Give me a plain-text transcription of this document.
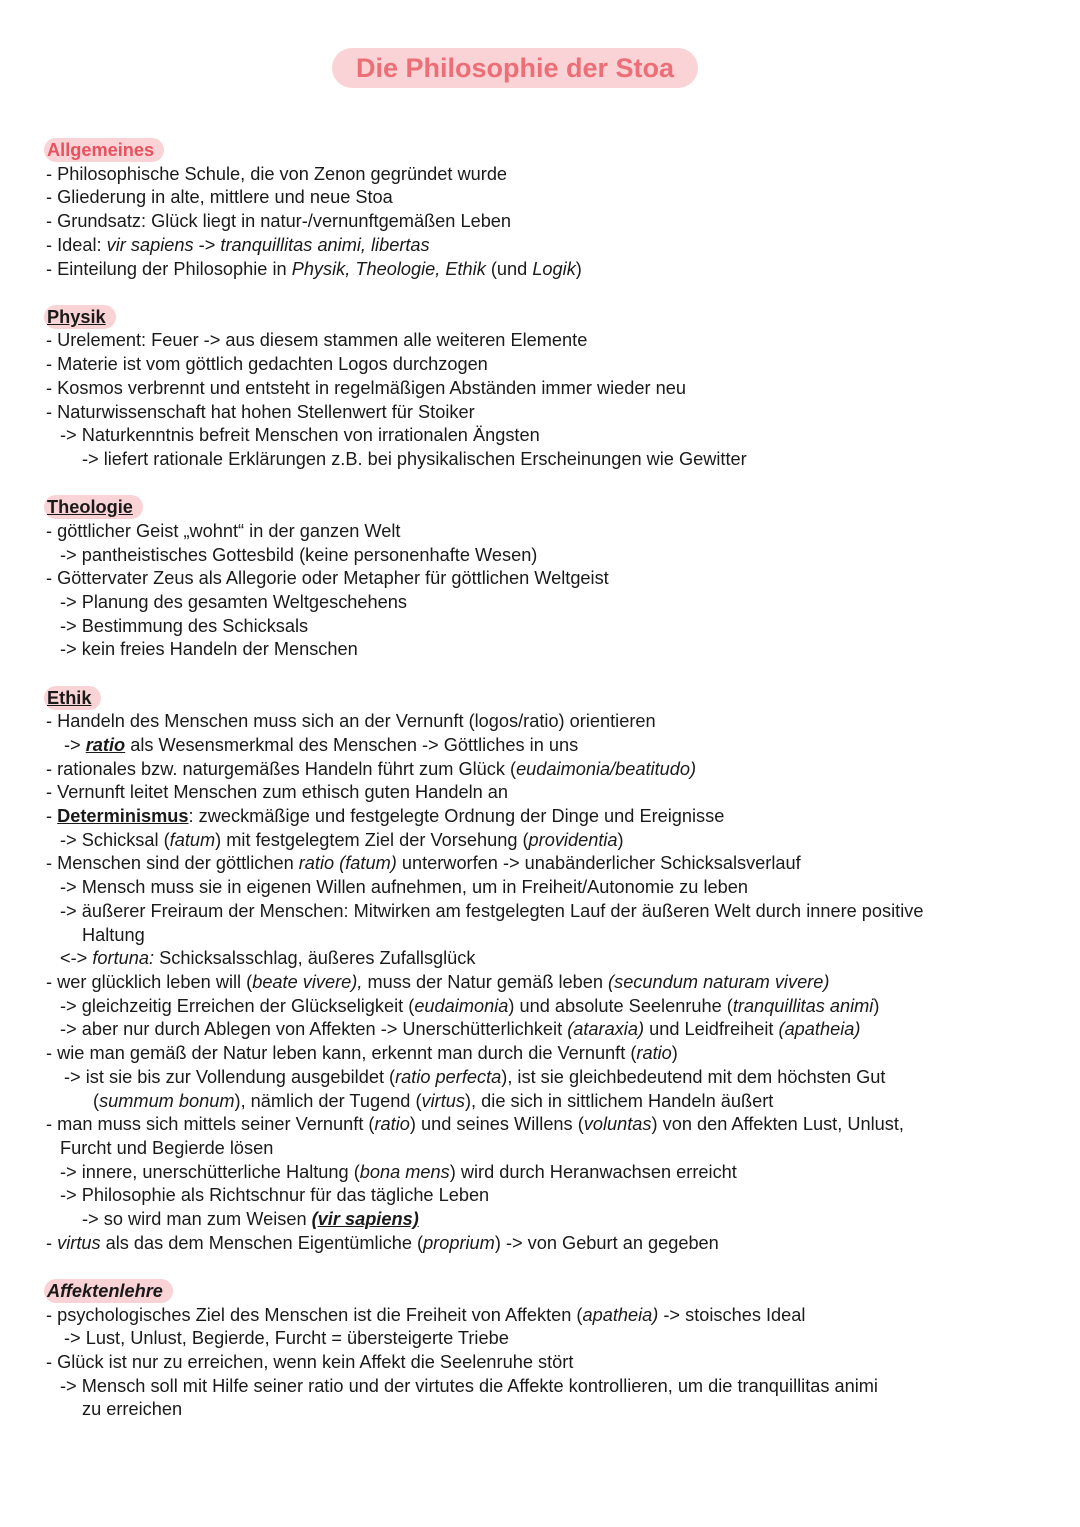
Die Philosophie der Stoa
Allgemeines
- Philosophische Schule, die von Zenon gegründet wurde
- Gliederung in alte, mittlere und neue Stoa
- Grundsatz: Glück liegt in natur-/vernunftgemäßen Leben
- Ideal: vir sapiens -> tranquillitas animi, libertas
- Einteilung der Philosophie in Physik, Theologie, Ethik (und Logik)
Physik
- Urelement: Feuer -> aus diesem stammen alle weiteren Elemente
- Materie ist vom göttlich gedachten Logos durchzogen
- Kosmos verbrennt und entsteht in regelmäßigen Abständen immer wieder neu
- Naturwissenschaft hat hohen Stellenwert für Stoiker
-> Naturkenntnis befreit Menschen von irrationalen Ängsten
-> liefert rationale Erklärungen z.B. bei physikalischen Erscheinungen wie Gewitter
Theologie
- göttlicher Geist „wohnt“ in der ganzen Welt
-> pantheistisches Gottesbild (keine personenhafte Wesen)
- Göttervater Zeus als Allegorie oder Metapher für göttlichen Weltgeist
-> Planung des gesamten Weltgeschehens
-> Bestimmung des Schicksals
-> kein freies Handeln der Menschen
Ethik
- Handeln des Menschen muss sich an der Vernunft (logos/ratio) orientieren
-> ratio als Wesensmerkmal des Menschen -> Göttliches in uns
- rationales bzw. naturgemäßes Handeln führt zum Glück (eudaimonia/beatitudo)
- Vernunft leitet Menschen zum ethisch guten Handeln an
- Determinismus: zweckmäßige und festgelegte Ordnung der Dinge und Ereignisse
-> Schicksal (fatum) mit festgelegtem Ziel der Vorsehung (providentia)
- Menschen sind der göttlichen ratio (fatum) unterworfen -> unabänderlicher Schicksalsverlauf
-> Mensch muss sie in eigenen Willen aufnehmen, um in Freiheit/Autonomie zu leben
-> äußerer Freiraum der Menschen: Mitwirken am festgelegten Lauf der äußeren Welt durch innere positive
Haltung
<-> fortuna: Schicksalsschlag, äußeres Zufallsglück
- wer glücklich leben will (beate vivere), muss der Natur gemäß leben (secundum naturam vivere)
-> gleichzeitig Erreichen der Glückseligkeit (eudaimonia) und absolute Seelenruhe (tranquillitas animi)
-> aber nur durch Ablegen von Affekten -> Unerschütterlichkeit (ataraxia) und Leidfreiheit (apatheia)
- wie man gemäß der Natur leben kann, erkennt man durch die Vernunft (ratio)
-> ist sie bis zur Vollendung ausgebildet (ratio perfecta), ist sie gleichbedeutend mit dem höchsten Gut
(summum bonum), nämlich der Tugend (virtus), die sich in sittlichem Handeln äußert
- man muss sich mittels seiner Vernunft (ratio) und seines Willens (voluntas) von den Affekten Lust, Unlust,
Furcht und Begierde lösen
-> innere, unerschütterliche Haltung (bona mens) wird durch Heranwachsen erreicht
-> Philosophie als Richtschnur für das tägliche Leben
-> so wird man zum Weisen (vir sapiens)
- virtus als das dem Menschen Eigentümliche (proprium) -> von Geburt an gegeben
Affektenlehre
- psychologisches Ziel des Menschen ist die Freiheit von Affekten (apatheia) -> stoisches Ideal
-> Lust, Unlust, Begierde, Furcht = übersteigerte Triebe
- Glück ist nur zu erreichen, wenn kein Affekt die Seelenruhe stört
-> Mensch soll mit Hilfe seiner ratio und der virtutes die Affekte kontrollieren, um die tranquillitas animi
zu erreichen
